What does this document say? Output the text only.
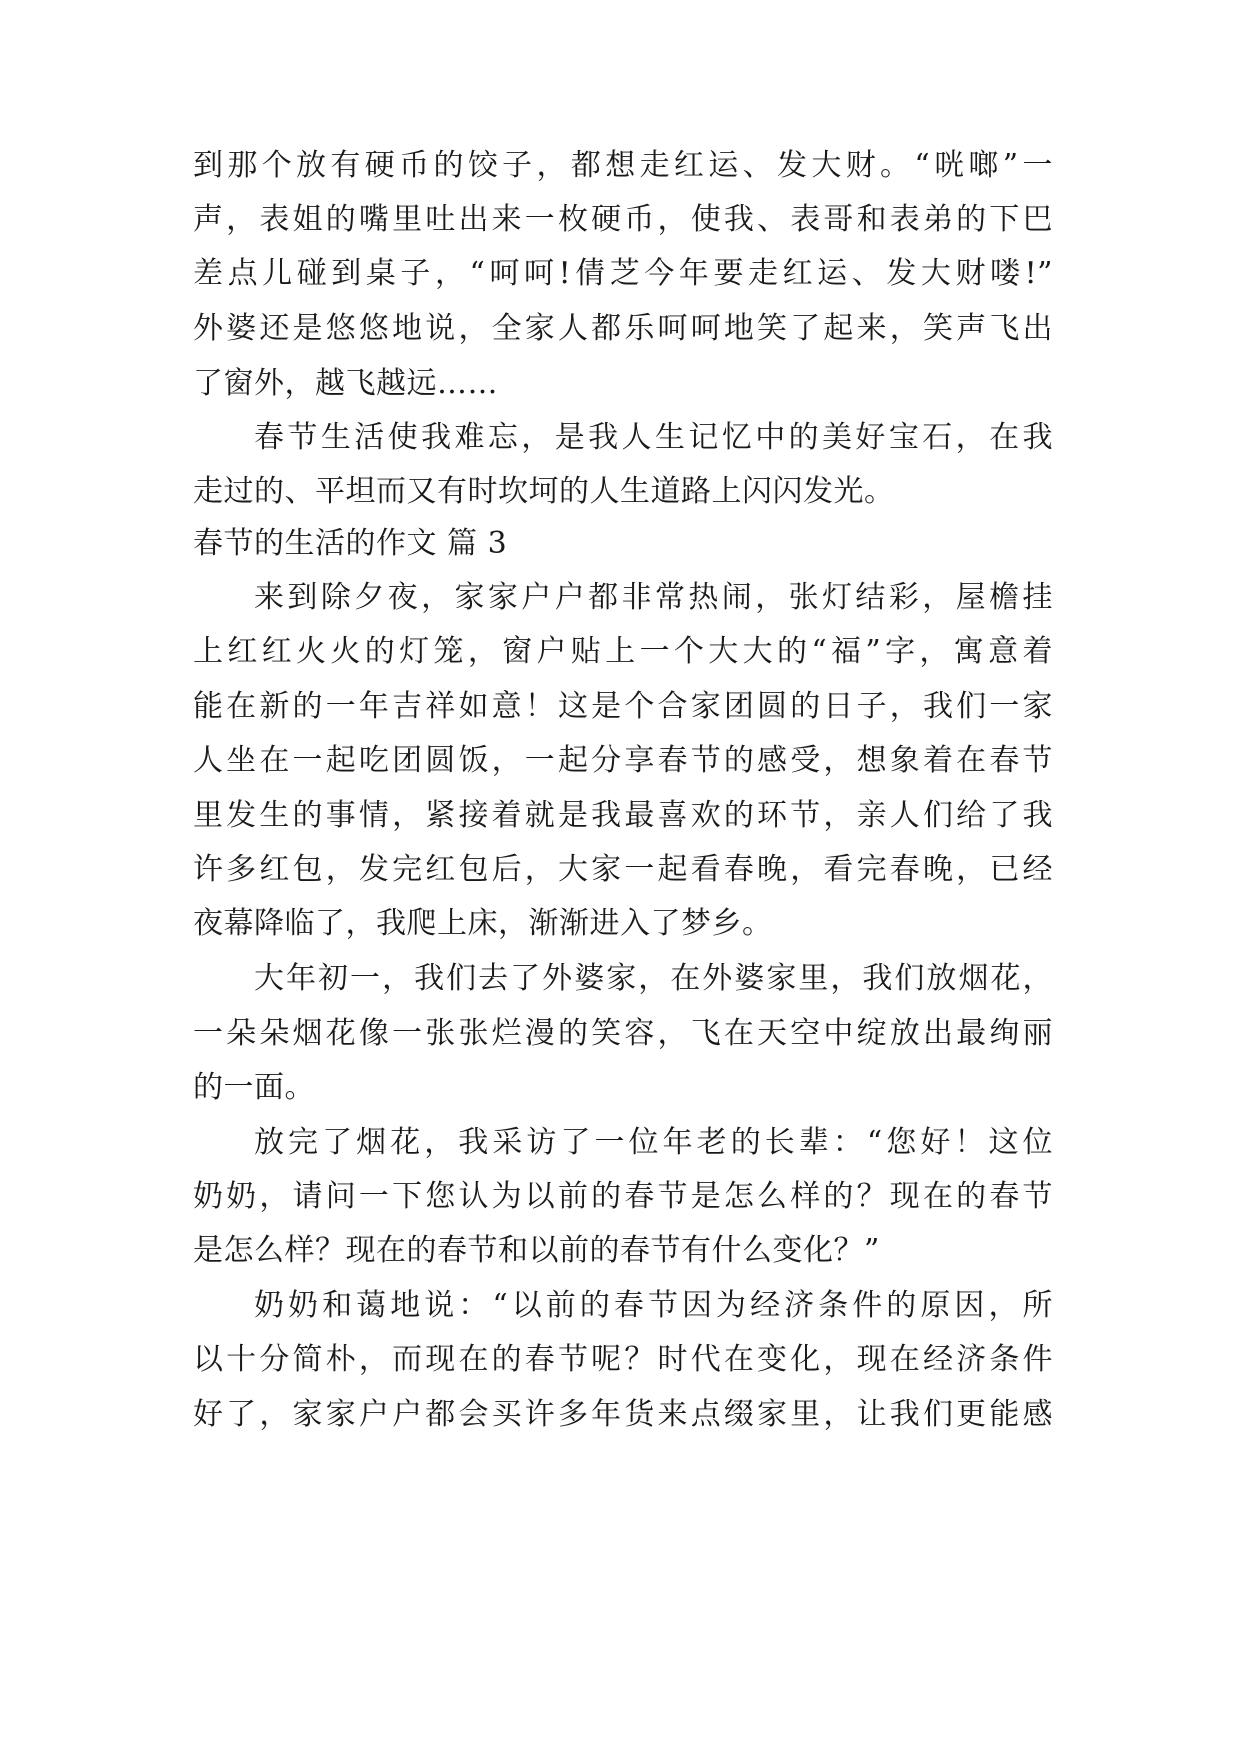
到那个放有硬币的饺子，都想走红运、发大财。“咣啷”一
声，表姐的嘴里吐出来一枚硬币，使我、表哥和表弟的下巴
差点儿碰到桌子，“呵呵!倩芝今年要走红运、发大财喽!”
外婆还是悠悠地说，全家人都乐呵呵地笑了起来，笑声飞出
了窗外，越飞越远……
春节生活使我难忘，是我人生记忆中的美好宝石，在我
走过的、平坦而又有时坎坷的人生道路上闪闪发光。
春节的生活的作文 篇 3
来到除夕夜，家家户户都非常热闹，张灯结彩，屋檐挂
上红红火火的灯笼，窗户贴上一个大大的“福”字，寓意着
能在新的一年吉祥如意！这是个合家团圆的日子，我们一家
人坐在一起吃团圆饭，一起分享春节的感受，想象着在春节
里发生的事情，紧接着就是我最喜欢的环节，亲人们给了我
许多红包，发完红包后，大家一起看春晚，看完春晚，已经
夜幕降临了，我爬上床，渐渐进入了梦乡。
大年初一，我们去了外婆家，在外婆家里，我们放烟花，
一朵朵烟花像一张张烂漫的笑容，飞在天空中绽放出最绚丽
的一面。
放完了烟花，我采访了一位年老的长辈：“您好！这位
奶奶，请问一下您认为以前的春节是怎么样的？现在的春节
是怎么样？现在的春节和以前的春节有什么变化？”
奶奶和蔼地说：“以前的春节因为经济条件的原因，所
以十分简朴，而现在的春节呢？时代在变化，现在经济条件
好了，家家户户都会买许多年货来点缀家里，让我们更能感
